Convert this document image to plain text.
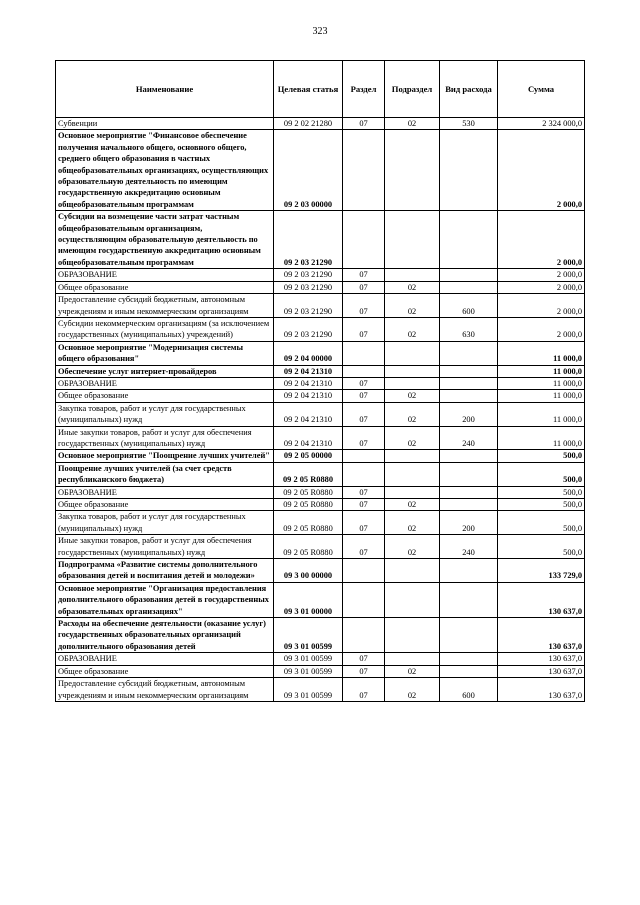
323
Наименование	Целевая статья	Раздел	Подраздел	Вид расхода	Сумма
Субвенции	09 2 02 21280	07	02	530	2 324 000,0
Основное мероприятие "Финансовое обеспечение получения начального общего, основного общего, среднего общего образования в частных общеобразовательных организациях, осуществляющих образовательную деятельность по имеющим государственную аккредитацию основным общеобразовательным программам	09 2 03 00000				2 000,0
Субсидии на возмещение части затрат частным общеобразовательным организациям, осуществляющим образовательную деятельность по имеющим государственную аккредитацию основным общеобразовательным программам	09 2 03 21290				2 000,0
ОБРАЗОВАНИЕ	09 2 03 21290	07			2 000,0
Общее образование	09 2 03 21290	07	02		2 000,0
Предоставление субсидий бюджетным, автономным учреждениям и иным некоммерческим организациям	09 2 03 21290	07	02	600	2 000,0
Субсидии некоммерческим организациям (за исключением государственных (муниципальных) учреждений)	09 2 03 21290	07	02	630	2 000,0
Основное мероприятие "Модернизация системы общего образования"	09 2 04 00000				11 000,0
Обеспечение услуг интернет-провайдеров	09 2 04 21310				11 000,0
ОБРАЗОВАНИЕ	09 2 04 21310	07			11 000,0
Общее образование	09 2 04 21310	07	02		11 000,0
Закупка товаров, работ и услуг для государственных (муниципальных) нужд	09 2 04 21310	07	02	200	11 000,0
Иные закупки товаров, работ и услуг для обеспечения государственных (муниципальных) нужд	09 2 04 21310	07	02	240	11 000,0
Основное мероприятие "Поощрение лучших учителей"	09 2 05 00000				500,0
Поощрение лучших учителей (за счет средств республиканского бюджета)	09 2 05 R0880				500,0
ОБРАЗОВАНИЕ	09 2 05 R0880	07			500,0
Общее образование	09 2 05 R0880	07	02		500,0
Закупка товаров, работ и услуг для государственных (муниципальных) нужд	09 2 05 R0880	07	02	200	500,0
Иные закупки товаров, работ и услуг для обеспечения государственных (муниципальных) нужд	09 2 05 R0880	07	02	240	500,0
Подпрограмма «Развитие системы дополнительного образования детей и воспитания детей и молодежи»	09 3 00 00000				133 729,0
Основное мероприятие "Организация предоставления дополнительного образования детей в государственных образовательных организациях"	09 3 01 00000				130 637,0
Расходы на обеспечение деятельности (оказание услуг) государственных образовательных организаций дополнительного образования детей	09 3 01 00599				130 637,0
ОБРАЗОВАНИЕ	09 3 01 00599	07			130 637,0
Общее образование	09 3 01 00599	07	02		130 637,0
Предоставление субсидий бюджетным, автономным учреждениям и иным некоммерческим организациям	09 3 01 00599	07	02	600	130 637,0
